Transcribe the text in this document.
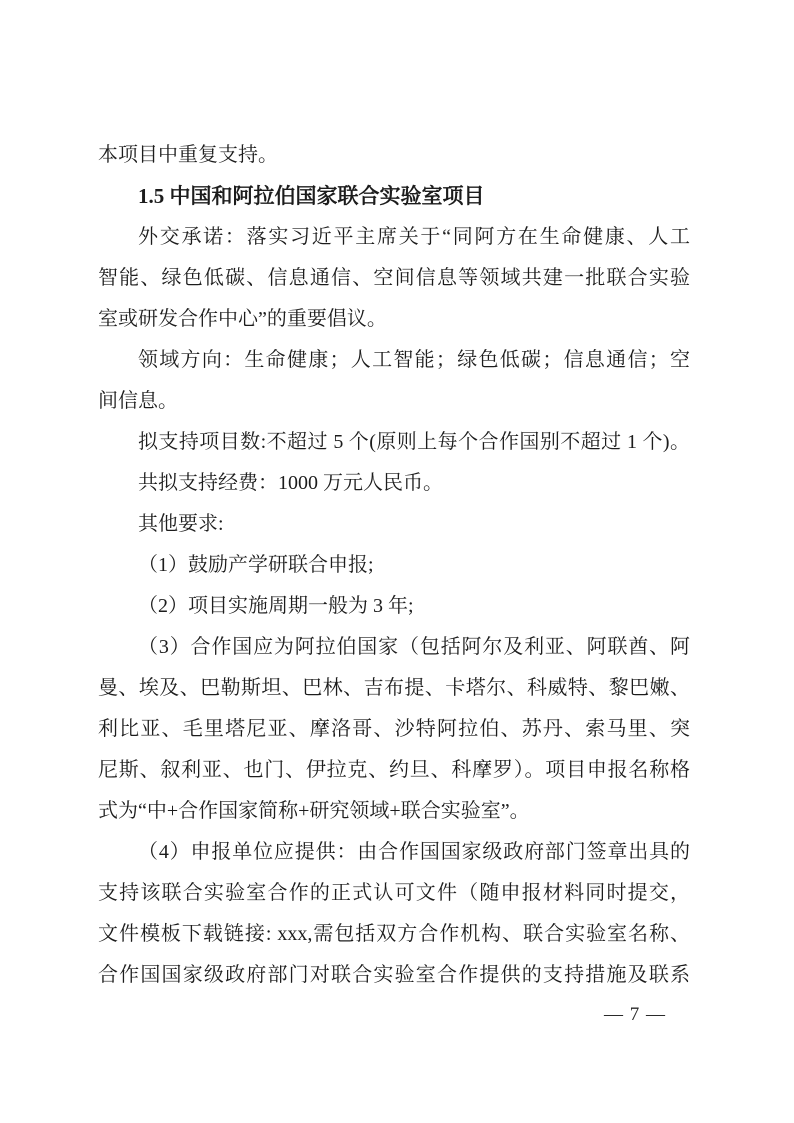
本项目中重复支持。
1.5 中国和阿拉伯国家联合实验室项目
外交承诺：落实习近平主席关于“同阿方在生命健康、人工
智能、绿色低碳、信息通信、空间信息等领域共建一批联合实验
室或研发合作中心”的重要倡议。
领域方向：生命健康；人工智能；绿色低碳；信息通信；空
间信息。
拟支持项目数:不超过 5 个(原则上每个合作国别不超过 1 个)。
共拟支持经费：1000 万元人民币。
其他要求:
（1）鼓励产学研联合申报;
（2）项目实施周期一般为 3 年;
（3）合作国应为阿拉伯国家（包括阿尔及利亚、阿联酋、阿
曼、埃及、巴勒斯坦、巴林、吉布提、卡塔尔、科威特、黎巴嫩、
利比亚、毛里塔尼亚、摩洛哥、沙特阿拉伯、苏丹、索马里、突
尼斯、叙利亚、也门、伊拉克、约旦、科摩罗）。项目申报名称格
式为“中+合作国家简称+研究领域+联合实验室”。
（4）申报单位应提供：由合作国国家级政府部门签章出具的
支持该联合实验室合作的正式认可文件（随申报材料同时提交，
文件模板下载链接: xxx,需包括双方合作机构、联合实验室名称、
合作国国家级政府部门对联合实验室合作提供的支持措施及联系
— 7 —
